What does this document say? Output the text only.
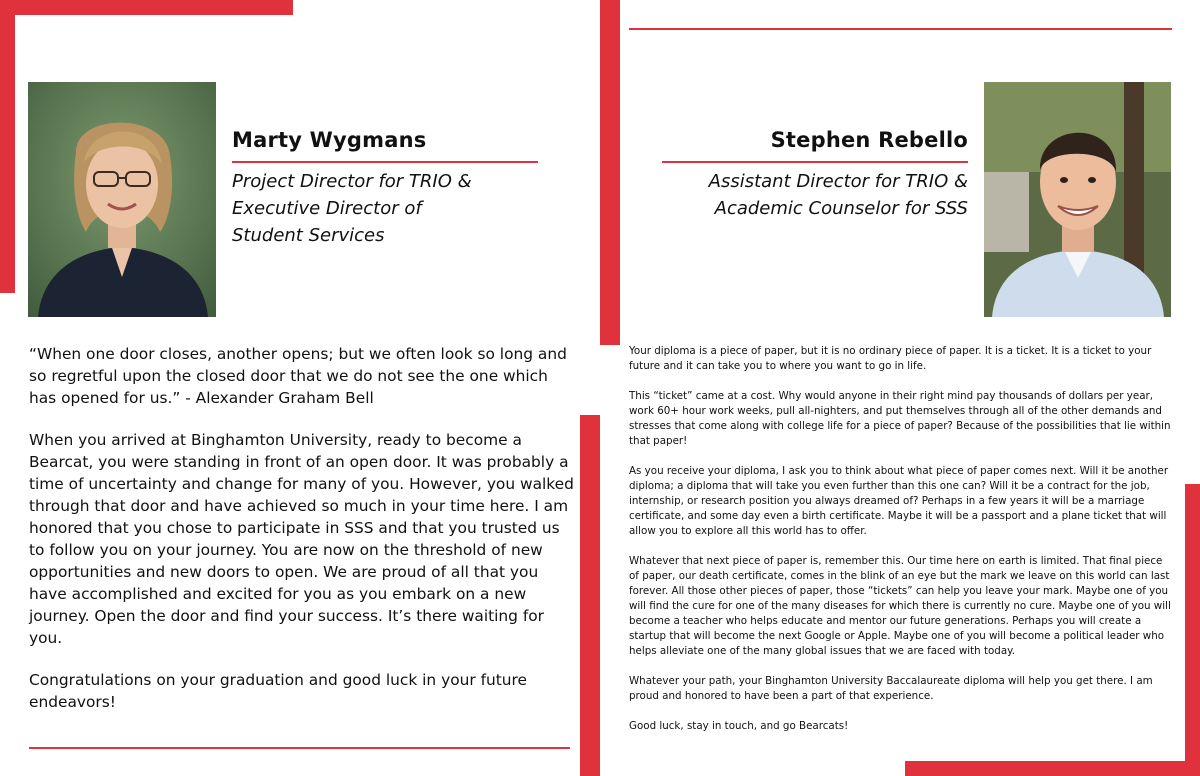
Marty Wygmans
Project Director for TRIO &
Executive Director of
Student Services
Stephen Rebello
Assistant Director for TRIO &
Academic Counselor for SSS

“When one door closes, another opens; but we often look so long and so regretful upon the closed door that we do not see the one which has opened for us.” - Alexander Graham Bell

When you arrived at Binghamton University, ready to become a Bearcat, you were standing in front of an open door. It was probably a time of uncertainty and change for many of you. However, you walked through that door and have achieved so much in your time here. I am honored that you chose to participate in SSS and that you trusted us to follow you on your journey. You are now on the threshold of new opportunities and new doors to open. We are proud of all that you have accomplished and excited for you as you embark on a new journey. Open the door and find your success. It’s there waiting for you.

Congratulations on your graduation and good luck in your future endeavors!

Your diploma is a piece of paper, but it is no ordinary piece of paper. It is a ticket. It is a ticket to your future and it can take you to where you want to go in life.

This “ticket” came at a cost. Why would anyone in their right mind pay thousands of dollars per year, work 60+ hour work weeks, pull all-nighters, and put themselves through all of the other demands and stresses that come along with college life for a piece of paper? Because of the possibilities that lie within that paper!

As you receive your diploma, I ask you to think about what piece of paper comes next. Will it be another diploma; a diploma that will take you even further than this one can? Will it be a contract for the job, internship, or research position you always dreamed of? Perhaps in a few years it will be a marriage certificate, and some day even a birth certificate. Maybe it will be a passport and a plane ticket that will allow you to explore all this world has to offer.

Whatever that next piece of paper is, remember this. Our time here on earth is limited. That final piece of paper, our death certificate, comes in the blink of an eye but the mark we leave on this world can last forever. All those other pieces of paper, those “tickets” can help you leave your mark. Maybe one of you will find the cure for one of the many diseases for which there is currently no cure. Maybe one of you will become a teacher who helps educate and mentor our future generations. Perhaps you will create a startup that will become the next Google or Apple. Maybe one of you will become a political leader who helps alleviate one of the many global issues that we are faced with today.

Whatever your path, your Binghamton University Baccalaureate diploma will help you get there. I am proud and honored to have been a part of that experience.

Good luck, stay in touch, and go Bearcats!
